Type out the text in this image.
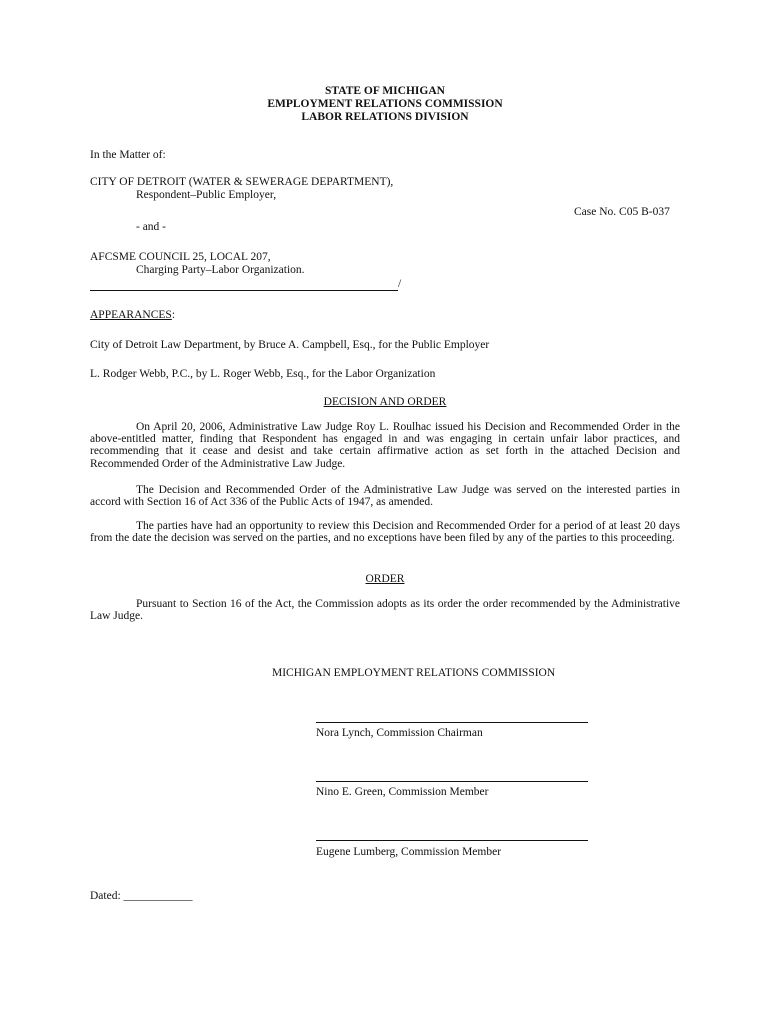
STATE OF MICHIGAN
EMPLOYMENT RELATIONS COMMISSION
LABOR RELATIONS DIVISION
In the Matter of:
CITY OF DETROIT (WATER & SEWERAGE DEPARTMENT),
Respondent–Public Employer,
Case No. C05 B-037
- and -
AFCSME COUNCIL 25, LOCAL 207,
Charging Party–Labor Organization.
/
APPEARANCES:
City of Detroit Law Department, by Bruce A. Campbell, Esq., for the Public Employer
L. Rodger Webb, P.C., by L. Roger Webb, Esq., for the Labor Organization
DECISION AND ORDER
On April 20, 2006, Administrative Law Judge Roy L. Roulhac issued his Decision and Recommended Order in the above-entitled matter, finding that Respondent has engaged in and was engaging in certain unfair labor practices, and recommending that it cease and desist and take certain affirmative action as set forth in the attached Decision and Recommended Order of the Administrative Law Judge.
The Decision and Recommended Order of the Administrative Law Judge was served on the interested parties in accord with Section 16 of Act 336 of the Public Acts of 1947, as amended.
The parties have had an opportunity to review this Decision and Recommended Order for a period of at least 20 days from the date the decision was served on the parties, and no exceptions have been filed by any of the parties to this proceeding.
ORDER
Pursuant to Section 16 of the Act, the Commission adopts as its order the order recommended by the Administrative Law Judge.
MICHIGAN EMPLOYMENT RELATIONS COMMISSION
Nora Lynch, Commission Chairman
Nino E. Green, Commission Member
Eugene Lumberg, Commission Member
Dated: ____________
